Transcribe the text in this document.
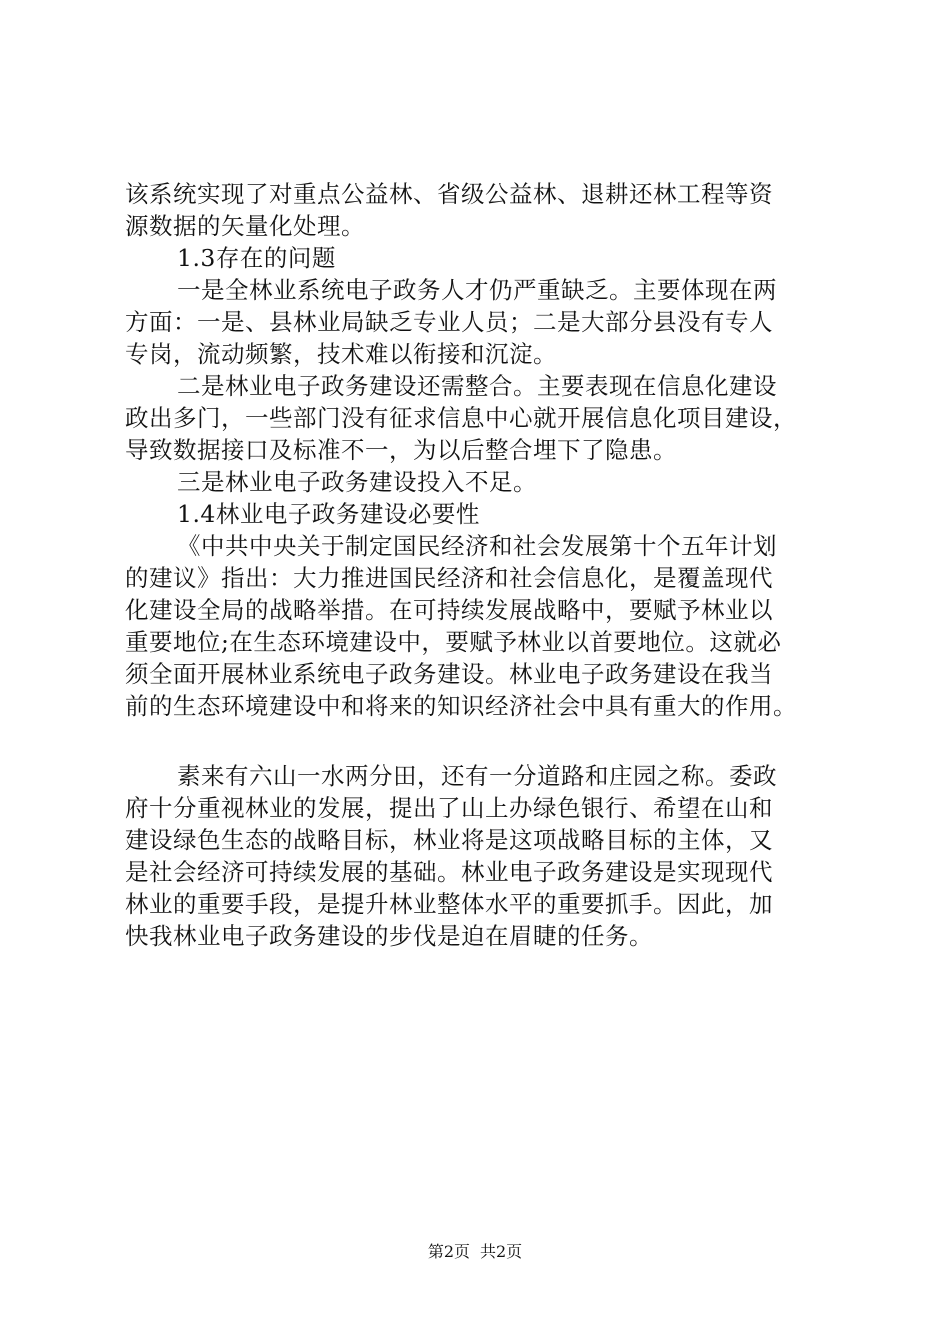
该系统实现了对重点公益林、省级公益林、退耕还林工程等资
源数据的矢量化处理。
1.3存在的问题
一是全林业系统电子政务人才仍严重缺乏。主要体现在两
方面：一是、县林业局缺乏专业人员；二是大部分县没有专人
专岗，流动频繁，技术难以衔接和沉淀。
二是林业电子政务建设还需整合。主要表现在信息化建设
政出多门，一些部门没有征求信息中心就开展信息化项目建设，
导致数据接口及标准不一，为以后整合埋下了隐患。
三是林业电子政务建设投入不足。
1.4林业电子政务建设必要性
《中共中央关于制定国民经济和社会发展第十个五年计划
的建议》指出：大力推进国民经济和社会信息化，是覆盖现代
化建设全局的战略举措。在可持续发展战略中，要赋予林业以
重要地位;在生态环境建设中，要赋予林业以首要地位。这就必
须全面开展林业系统电子政务建设。林业电子政务建设在我当
前的生态环境建设中和将来的知识经济社会中具有重大的作用。
素来有六山一水两分田，还有一分道路和庄园之称。委政
府十分重视林业的发展，提出了山上办绿色银行、希望在山和
建设绿色生态的战略目标，林业将是这项战略目标的主体，又
是社会经济可持续发展的基础。林业电子政务建设是实现现代
林业的重要手段，是提升林业整体水平的重要抓手。因此，加
快我林业电子政务建设的步伐是迫在眉睫的任务。
第2页 共2页
